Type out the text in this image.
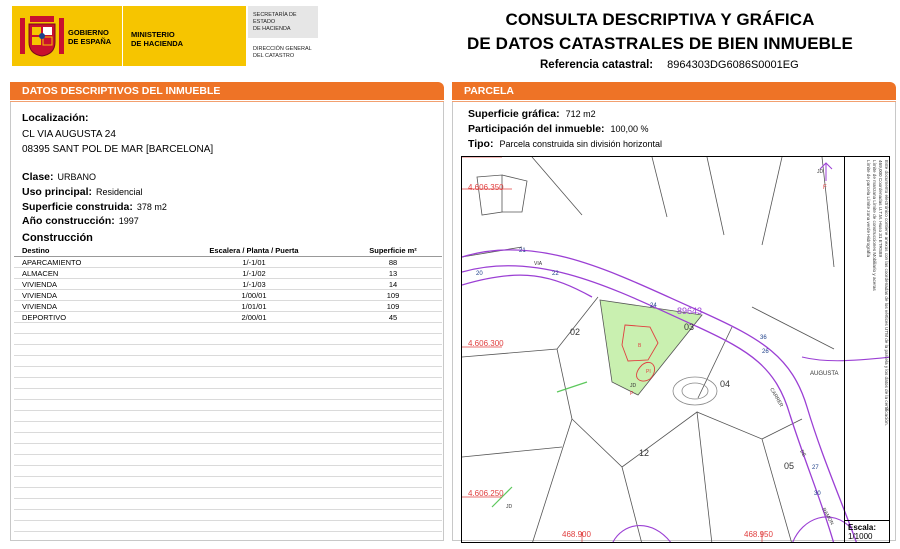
GOBIERNO
DE ESPAÑA
MINISTERIO
DE HACIENDA
SECRETARÍA DE ESTADO
DE HACIENDA
DIRECCIÓN GENERAL
DEL CATASTRO
CONSULTA DESCRIPTIVA Y GRÁFICA
DE DATOS CATASTRALES DE BIEN INMUEBLE
Referencia catastral: 8964303DG6086S0001EG
DATOS DESCRIPTIVOS DEL INMUEBLE	PARCELA
Localización:
CL VIA AUGUSTA 24
08395 SANT POL DE MAR [BARCELONA]
Clase: URBANO
Uso principal: Residencial
Superficie construida: 378 m2
Año construcción: 1997
Construcción
Destino	Escalera / Planta / Puerta	Superficie m²
APARCAMIENTO	1/-1/01	88
ALMACEN	1/-1/02	13
VIVIENDA	1/-1/03	14
VIVIENDA	1/00/01	109
VIVIENDA	1/01/01	109
DEPORTIVO	2/00/01	45

Superficie gráfica: 712 m2
Participación del inmueble: 100,00 %
Tipo: Parcela construida sin división horizontal
4.606.350
4.606.300
4.606.250
468.900	468.950
89643
03
02
04
12
05
JD
JD
JD
B
PI
P
21
20	22
24
36
26
27
30
VIA
AUGUSTA
CARRER
DE
RAMON
F	Este documento electrónico contiene anexos con las coordenadas de los vértices UTM de la parcela y los datos de la certificación.
469,000 Coordenadas U.T.M. Huso 31 ETRS89
Límite de manzana Límite de construcciones Mobiliario y aceras
Límite de parcela Límite zona verde Hidrografía
Escala:
1/1000
